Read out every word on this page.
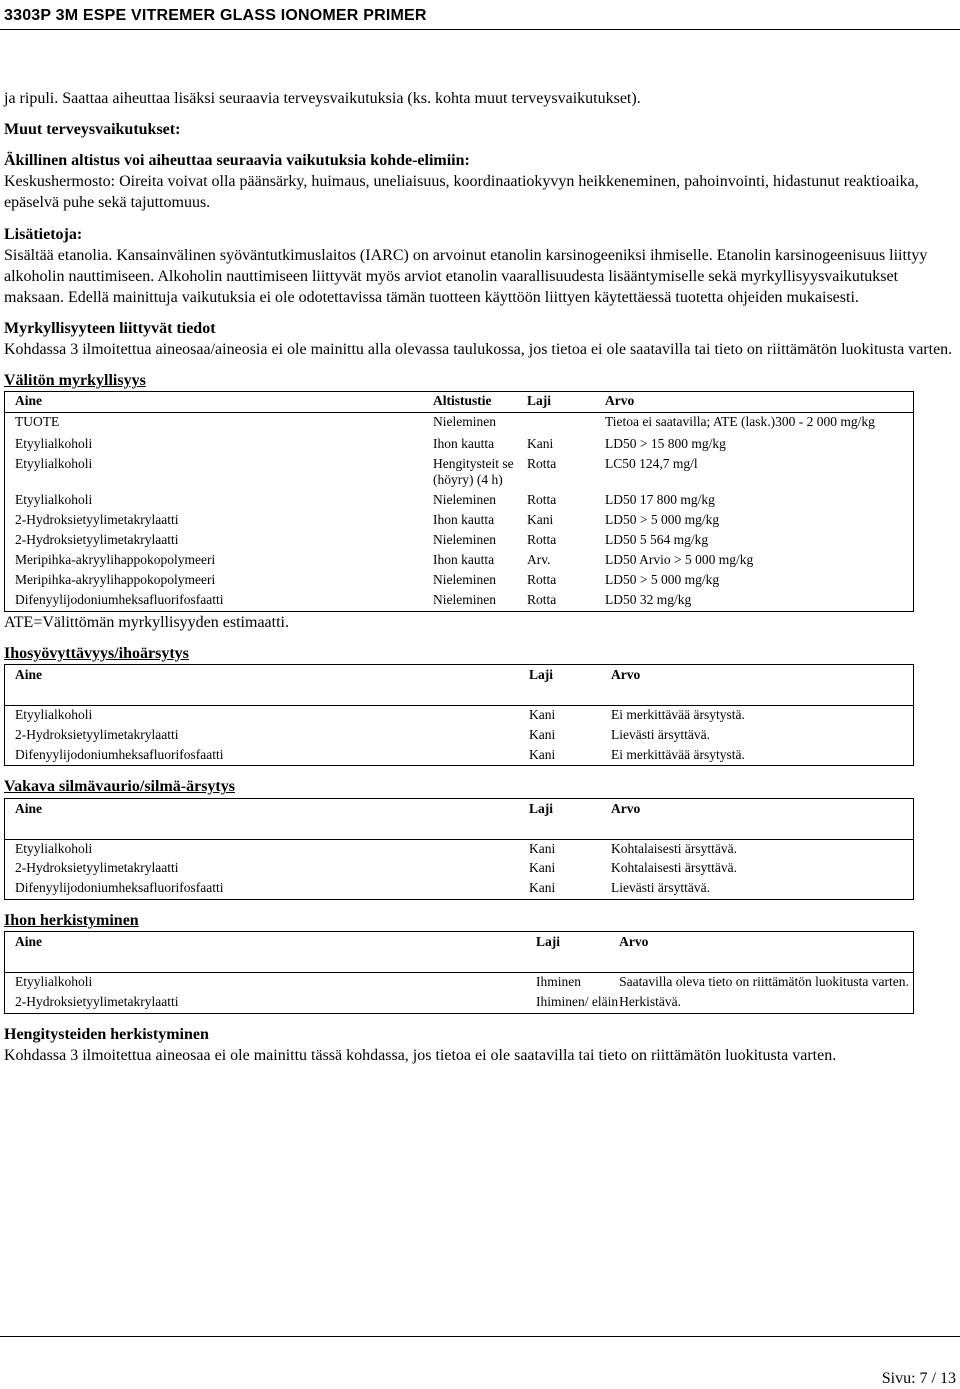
3303P 3M ESPE VITREMER GLASS IONOMER PRIMER

ja ripuli. Saattaa aiheuttaa lisäksi seuraavia terveysvaikutuksia (ks. kohta muut terveysvaikutukset).

Muut terveysvaikutukset:

Äkillinen altistus voi aiheuttaa seuraavia vaikutuksia kohde-elimiin:

Keskushermosto: Oireita voivat olla päänsärky, huimaus, uneliaisuus, koordinaatiokyvyn heikkeneminen, pahoinvointi, hidastunut reaktioaika, epäselvä puhe sekä tajuttomuus.

Lisätietoja:

Sisältää etanolia. Kansainvälinen syöväntutkimuslaitos (IARC) on arvoinut etanolin karsinogeeniksi ihmiselle. Etanolin karsinogeenisuus liittyy alkoholin nauttimiseen. Alkoholin nauttimiseen liittyvät myös arviot etanolin vaarallisuudesta lisääntymiselle sekä myrkyllisyysvaikutukset maksaan. Edellä mainittuja vaikutuksia ei ole odotettavissa tämän tuotteen käyttöön liittyen käytettäessä tuotetta ohjeiden mukaisesti.

Myrkyllisyyteen liittyvät tiedot

Kohdassa 3 ilmoitettua aineosaa/aineosia ei ole mainittu alla olevassa taulukossa, jos tietoa ei ole saatavilla tai tieto on riittämätön luokitusta varten.

Välitön myrkyllisyys

Aine	Altistustie	Laji	Arvo
TUOTE	Nieleminen		Tietoa ei saatavilla; ATE (lask.)300 - 2 000 mg/kg
Etyylialkoholi	Ihon kautta	Kani	LD50 > 15 800 mg/kg
Etyylialkoholi	Hengitysteit se (höyry) (4 h)	Rotta	LC50 124,7 mg/l
Etyylialkoholi	Nieleminen	Rotta	LD50 17 800 mg/kg
2-Hydroksietyylimetakrylaatti	Ihon kautta	Kani	LD50 > 5 000 mg/kg
2-Hydroksietyylimetakrylaatti	Nieleminen	Rotta	LD50 5 564 mg/kg
Meripihka-akryylihappokopolymeeri	Ihon kautta	Arv.	LD50 Arvio > 5 000 mg/kg
Meripihka-akryylihappokopolymeeri	Nieleminen	Rotta	LD50 > 5 000 mg/kg
Difenyylijodoniumheksafluorifosfaatti	Nieleminen	Rotta	LD50 32 mg/kg

ATE=Välittömän myrkyllisyyden estimaatti.

Ihosyövyttävyys/ihoärsytys

Aine	Laji	Arvo
Etyylialkoholi	Kani	Ei merkittävää ärsytystä.
2-Hydroksietyylimetakrylaatti	Kani	Lievästi ärsyttävä.
Difenyylijodoniumheksafluorifosfaatti	Kani	Ei merkittävää ärsytystä.

Vakava silmävaurio/silmä-ärsytys

Aine	Laji	Arvo
Etyylialkoholi	Kani	Kohtalaisesti ärsyttävä.
2-Hydroksietyylimetakrylaatti	Kani	Kohtalaisesti ärsyttävä.
Difenyylijodoniumheksafluorifosfaatti	Kani	Lievästi ärsyttävä.

Ihon herkistyminen

Aine	Laji	Arvo
Etyylialkoholi	Ihminen	Saatavilla oleva tieto on riittämätön luokitusta varten.
2-Hydroksietyylimetakrylaatti	Ihiminen/ eläin	Herkistävä.

Hengitysteiden herkistyminen

Kohdassa 3 ilmoitettua aineosaa ei ole mainittu tässä kohdassa, jos tietoa ei ole saatavilla tai tieto on riittämätön luokitusta varten.

Sivu: 7 / 13
